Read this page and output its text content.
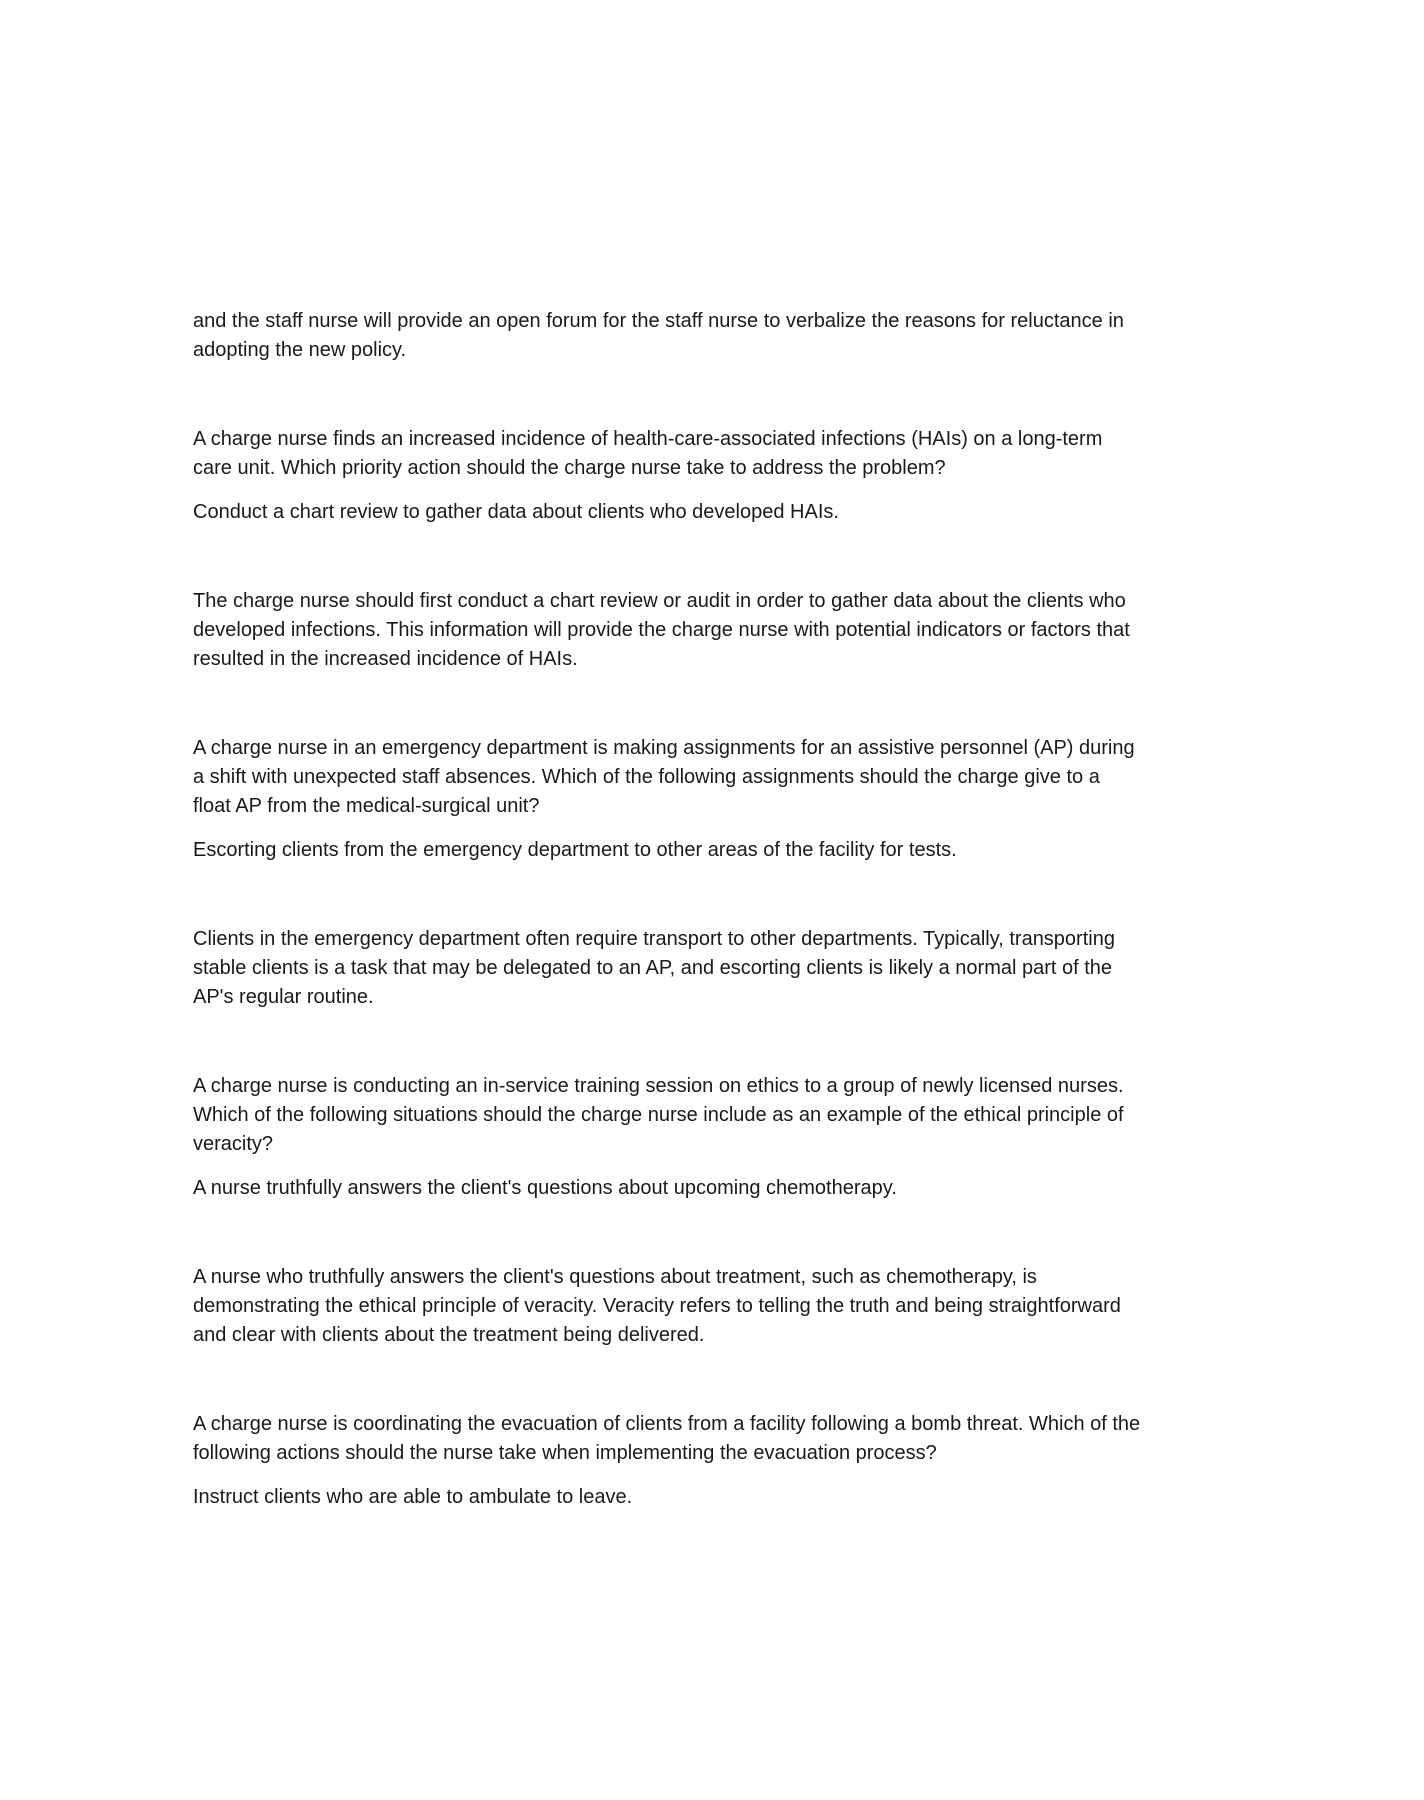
and the staff nurse will provide an open forum for the staff nurse to verbalize the reasons for reluctance in adopting the new policy.

A charge nurse finds an increased incidence of health-care-associated infections (HAIs) on a long-term care unit. Which priority action should the charge nurse take to address the problem?

Conduct a chart review to gather data about clients who developed HAIs.

The charge nurse should first conduct a chart review or audit in order to gather data about the clients who developed infections. This information will provide the charge nurse with potential indicators or factors that resulted in the increased incidence of HAIs.

A charge nurse in an emergency department is making assignments for an assistive personnel (AP) during a shift with unexpected staff absences. Which of the following assignments should the charge give to a float AP from the medical-surgical unit?

Escorting clients from the emergency department to other areas of the facility for tests.

Clients in the emergency department often require transport to other departments. Typically, transporting stable clients is a task that may be delegated to an AP, and escorting clients is likely a normal part of the AP's regular routine.

A charge nurse is conducting an in-service training session on ethics to a group of newly licensed nurses. Which of the following situations should the charge nurse include as an example of the ethical principle of veracity?

A nurse truthfully answers the client's questions about upcoming chemotherapy.

A nurse who truthfully answers the client's questions about treatment, such as chemotherapy, is demonstrating the ethical principle of veracity. Veracity refers to telling the truth and being straightforward and clear with clients about the treatment being delivered.

A charge nurse is coordinating the evacuation of clients from a facility following a bomb threat. Which of the following actions should the nurse take when implementing the evacuation process?

Instruct clients who are able to ambulate to leave.
